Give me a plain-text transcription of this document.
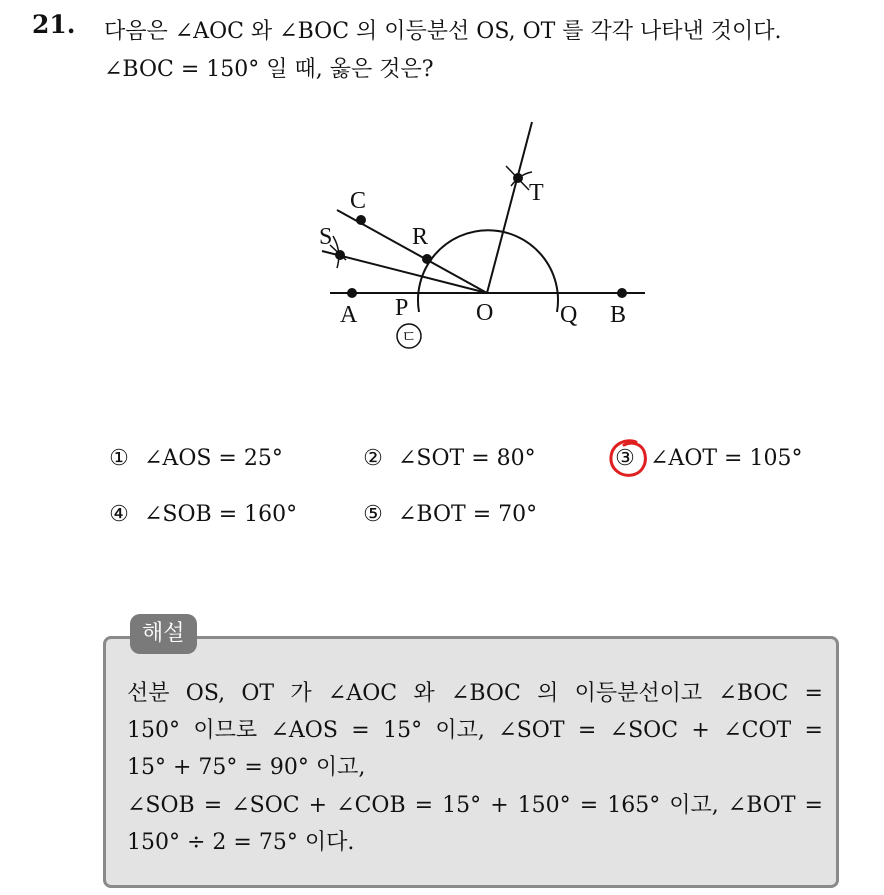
21. 다음은 ∠AOC 와 ∠BOC 의 이등분선 OS, OT 를 각각 나타낸 것이다.
∠BOC = 150° 일 때, 옳은 것은?
A	B
C
O
P	Q
R
S
T
ㄷ
① ∠AOS = 25°	② ∠SOT = 80°	③ ∠AOT = 105°
④ ∠SOB = 160°	⑤ ∠BOT = 70°
해설
선분 OS, OT 가 ∠AOC 와 ∠BOC 의 이등분선이고 ∠BOC =
150° 이므로 ∠AOS = 15° 이고, ∠SOT = ∠SOC + ∠COT =
15° + 75° = 90° 이고,
∠SOB = ∠SOC + ∠COB = 15° + 150° = 165° 이고, ∠BOT =
150° ÷ 2 = 75° 이다.
